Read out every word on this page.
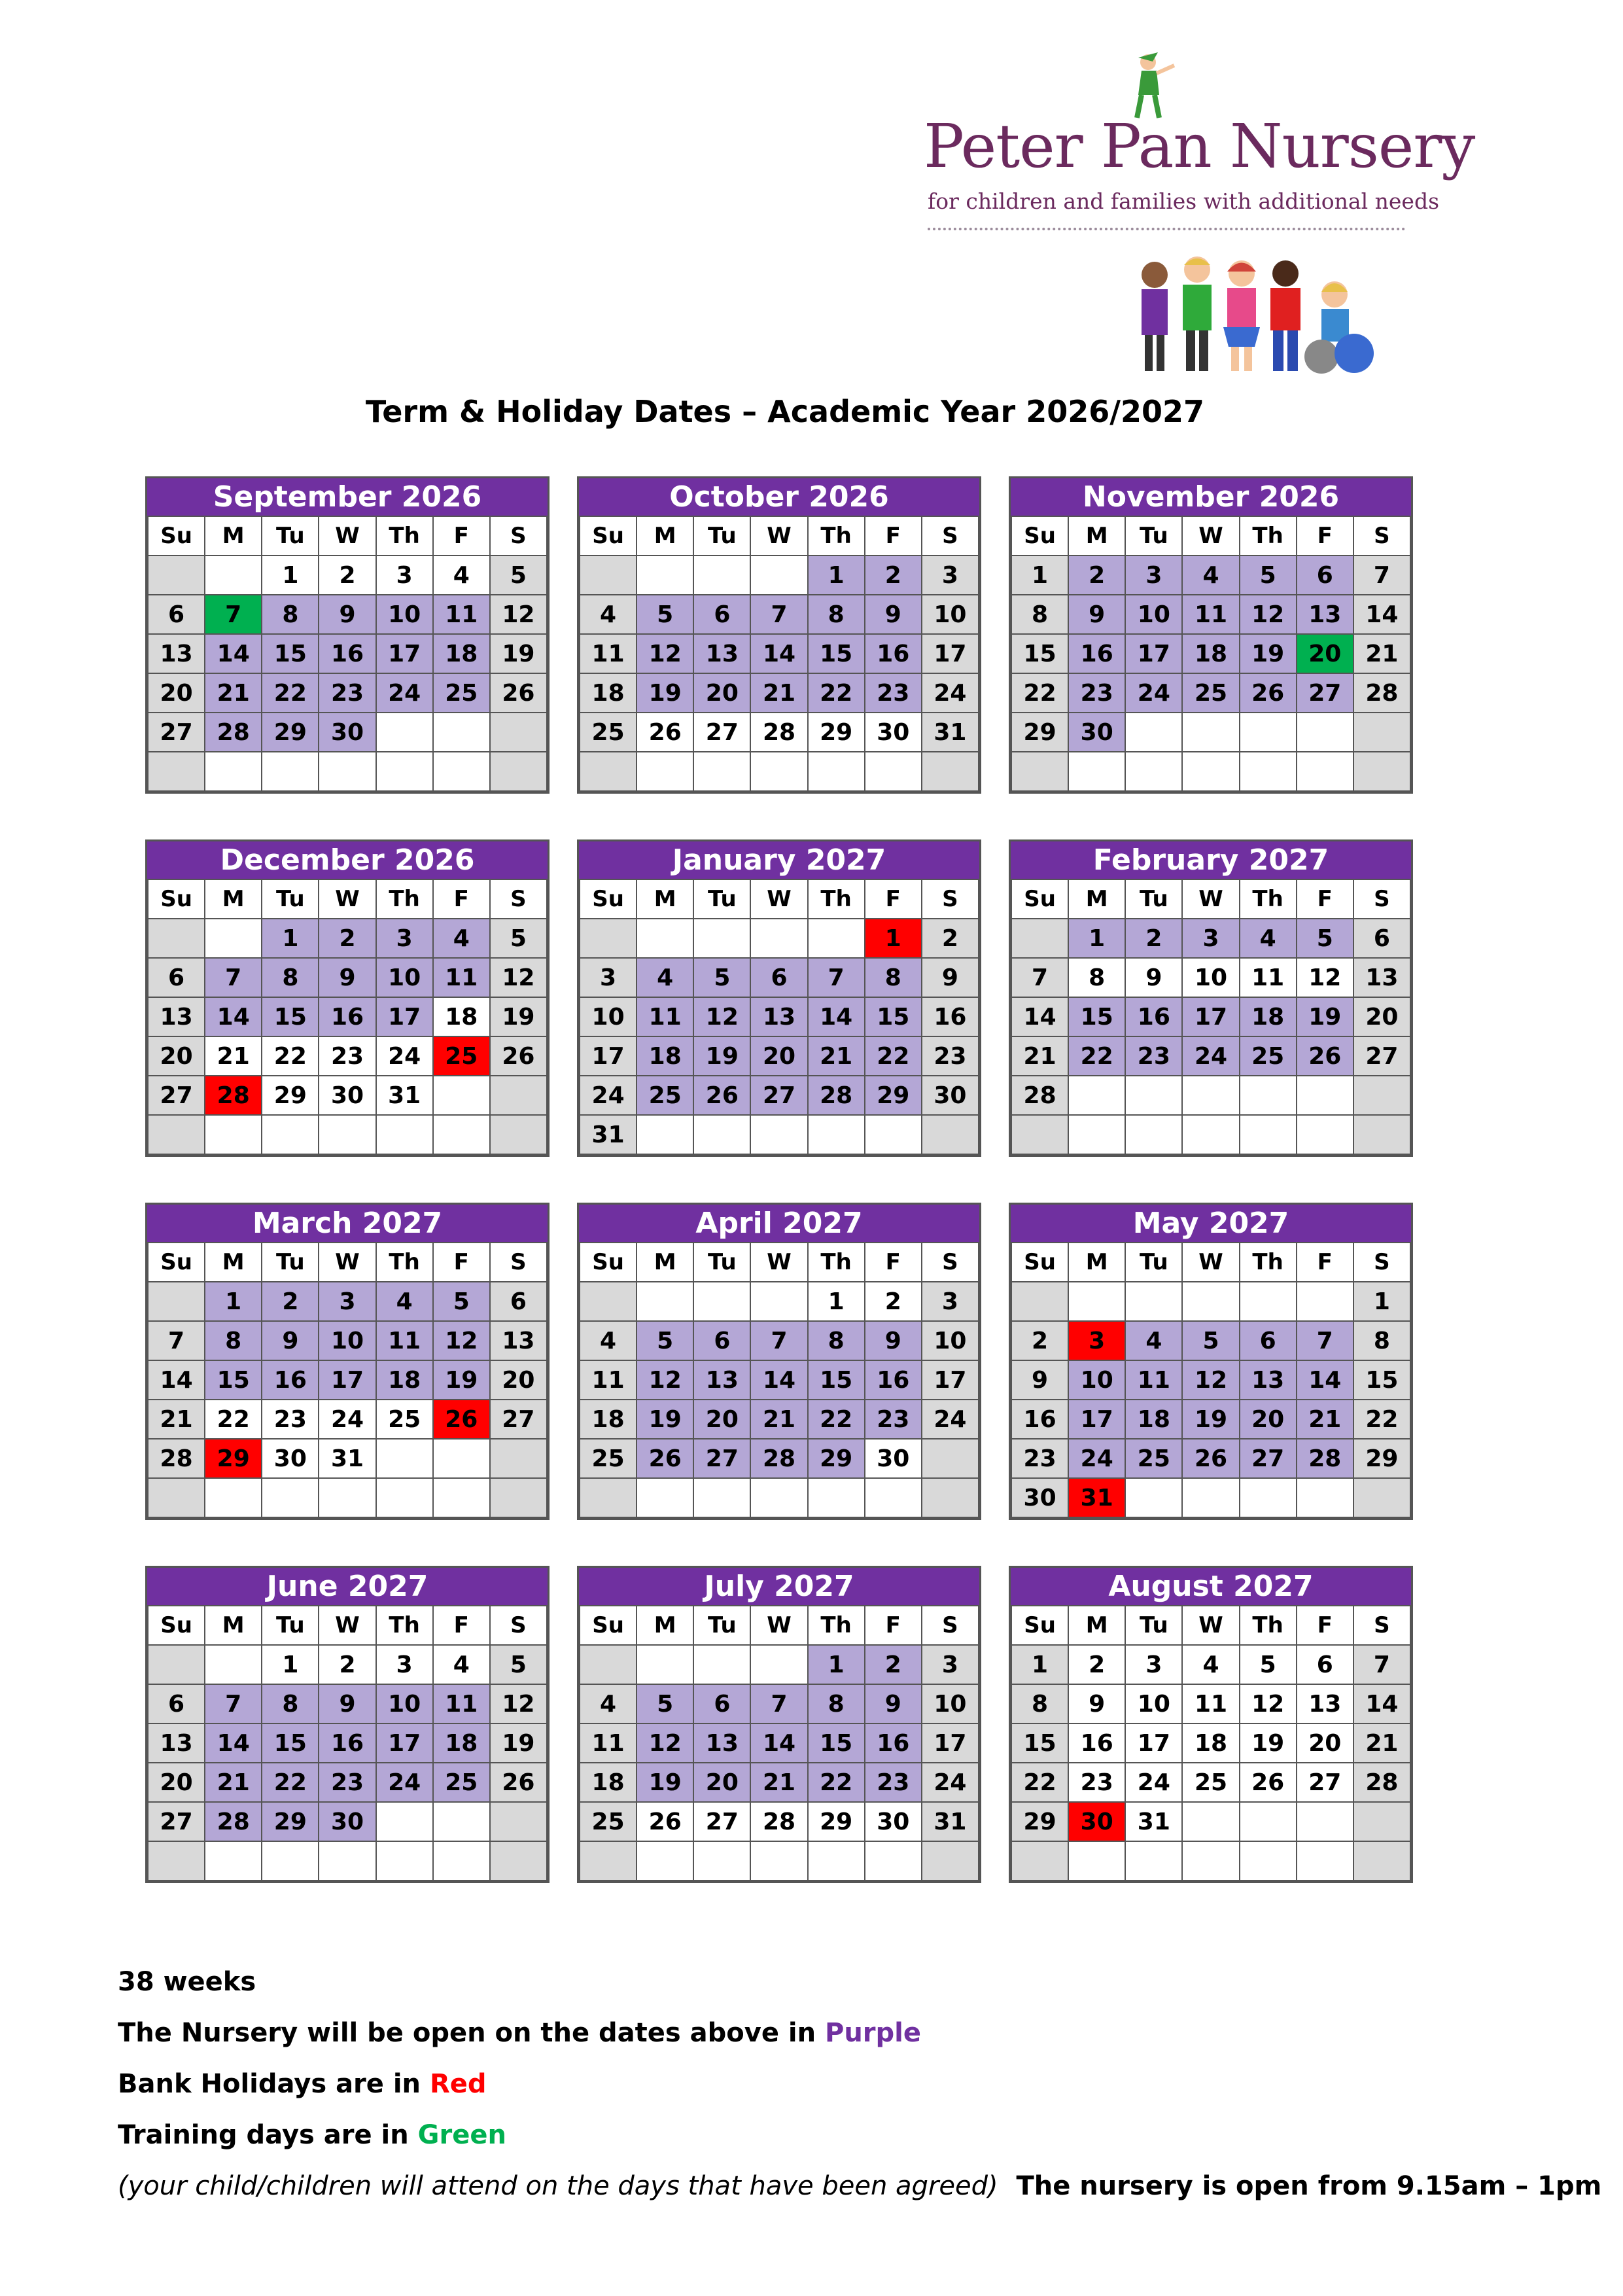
Peter Pan Nursery
for children and families with additional needs
Term & Holiday Dates – Academic Year 2026/2027
September 2026
Su	M	Tu	W	Th	F	S
		1	2	3	4	5
6	7	8	9	10	11	12
13	14	15	16	17	18	19
20	21	22	23	24	25	26
27	28	29	30			

October 2026
Su	M	Tu	W	Th	F	S
				1	2	3
4	5	6	7	8	9	10
11	12	13	14	15	16	17
18	19	20	21	22	23	24
25	26	27	28	29	30	31

November 2026
Su	M	Tu	W	Th	F	S
1	2	3	4	5	6	7
8	9	10	11	12	13	14
15	16	17	18	19	20	21
22	23	24	25	26	27	28
29	30					

December 2026
Su	M	Tu	W	Th	F	S
		1	2	3	4	5
6	7	8	9	10	11	12
13	14	15	16	17	18	19
20	21	22	23	24	25	26
27	28	29	30	31		

January 2027
Su	M	Tu	W	Th	F	S
					1	2
3	4	5	6	7	8	9
10	11	12	13	14	15	16
17	18	19	20	21	22	23
24	25	26	27	28	29	30
31						
February 2027
Su	M	Tu	W	Th	F	S
	1	2	3	4	5	6
7	8	9	10	11	12	13
14	15	16	17	18	19	20
21	22	23	24	25	26	27
28						

March 2027
Su	M	Tu	W	Th	F	S
	1	2	3	4	5	6
7	8	9	10	11	12	13
14	15	16	17	18	19	20
21	22	23	24	25	26	27
28	29	30	31			

April 2027
Su	M	Tu	W	Th	F	S
				1	2	3
4	5	6	7	8	9	10
11	12	13	14	15	16	17
18	19	20	21	22	23	24
25	26	27	28	29	30	

May 2027
Su	M	Tu	W	Th	F	S
						1
2	3	4	5	6	7	8
9	10	11	12	13	14	15
16	17	18	19	20	21	22
23	24	25	26	27	28	29
30	31					
June 2027
Su	M	Tu	W	Th	F	S
		1	2	3	4	5
6	7	8	9	10	11	12
13	14	15	16	17	18	19
20	21	22	23	24	25	26
27	28	29	30			

July 2027
Su	M	Tu	W	Th	F	S
				1	2	3
4	5	6	7	8	9	10
11	12	13	14	15	16	17
18	19	20	21	22	23	24
25	26	27	28	29	30	31

August 2027
Su	M	Tu	W	Th	F	S
1	2	3	4	5	6	7
8	9	10	11	12	13	14
15	16	17	18	19	20	21
22	23	24	25	26	27	28
29	30	31				

38 weeks
The Nursery will be open on the dates above in Purple
Bank Holidays are in Red
Training days are in Green
(your child/children will attend on the days that have been agreed) The nursery is open from 9.15am – 1pm
